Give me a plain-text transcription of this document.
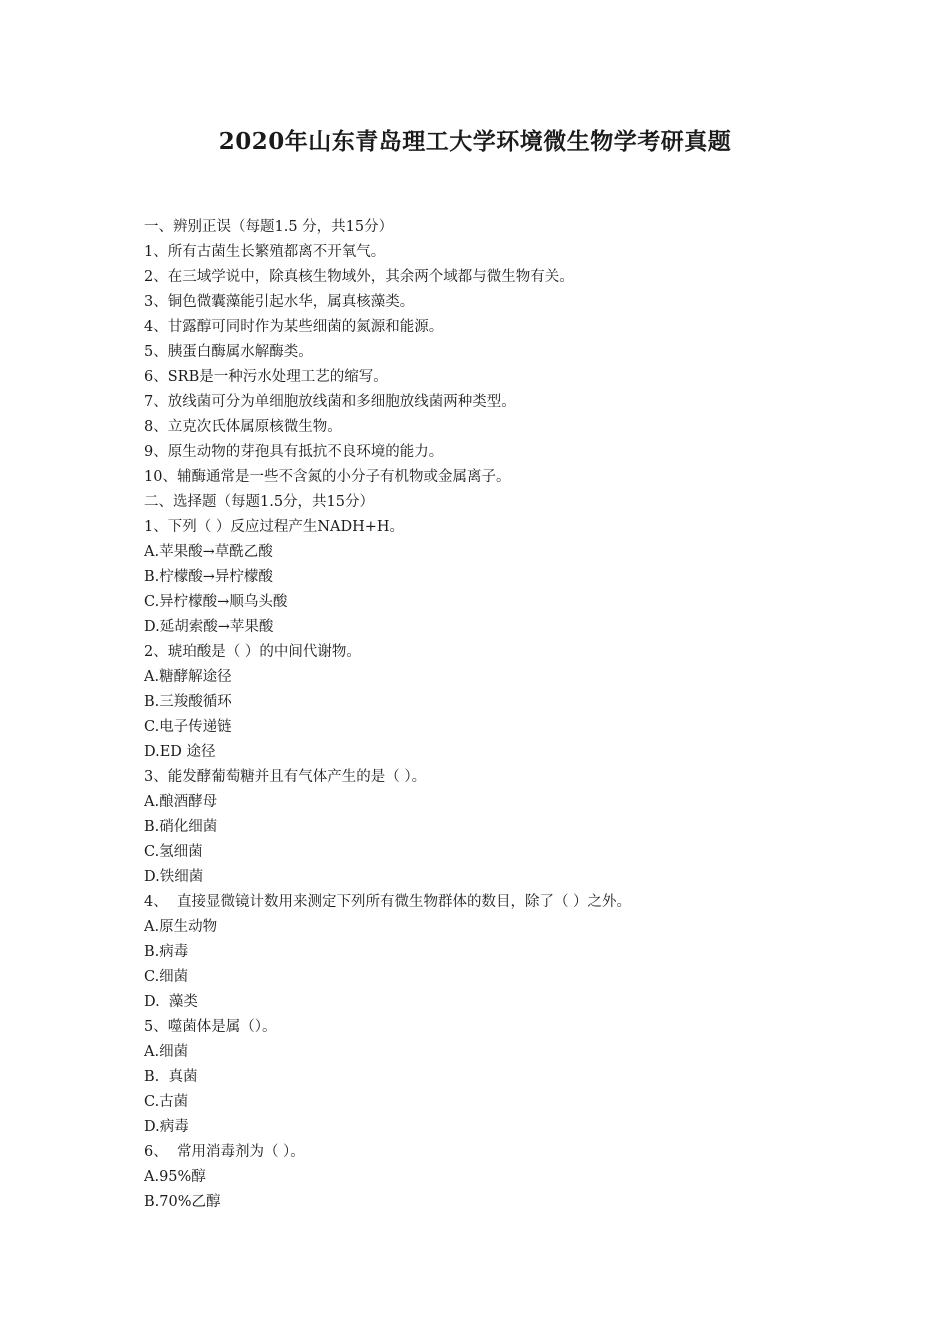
2020年山东青岛理工大学环境微生物学考研真题
一、辨别正误（每题1.5 分，共15分）
1、所有古菌生长繁殖都离不开氧气。
2、在三域学说中，除真核生物域外，其余两个域都与微生物有关。
3、铜色微囊藻能引起水华，属真核藻类。
4、甘露醇可同时作为某些细菌的氮源和能源。
5、胰蛋白酶属水解酶类。
6、SRB是一种污水处理工艺的缩写。
7、放线菌可分为单细胞放线菌和多细胞放线菌两种类型。
8、立克次氏体属原核微生物。
9、原生动物的芽孢具有抵抗不良环境的能力。
10、辅酶通常是一些不含氮的小分子有机物或金属离子。
二、选择题（每题1.5分，共15分）
1、下列（ ）反应过程产生NADH+H。
A.苹果酸→草酰乙酸
B.柠檬酸→异柠檬酸
C.异柠檬酸→顺乌头酸
D.延胡索酸→苹果酸
2、琥珀酸是（ ）的中间代谢物。
A.糖酵解途径
B.三羧酸循环
C.电子传递链
D.ED 途径
3、能发酵葡萄糖并且有气体产生的是（ ）。
A.酿酒酵母
B.硝化细菌
C.氢细菌
D.铁细菌
4、  直接显微镜计数用来测定下列所有微生物群体的数目，除了（ ）之外。
A.原生动物
B.病毒
C.细菌
D.  藻类
5、噬菌体是属（）。
A.细菌
B.  真菌
C.古菌
D.病毒
6、  常用消毒剂为（ ）。
A.95%醇
B.70%乙醇
